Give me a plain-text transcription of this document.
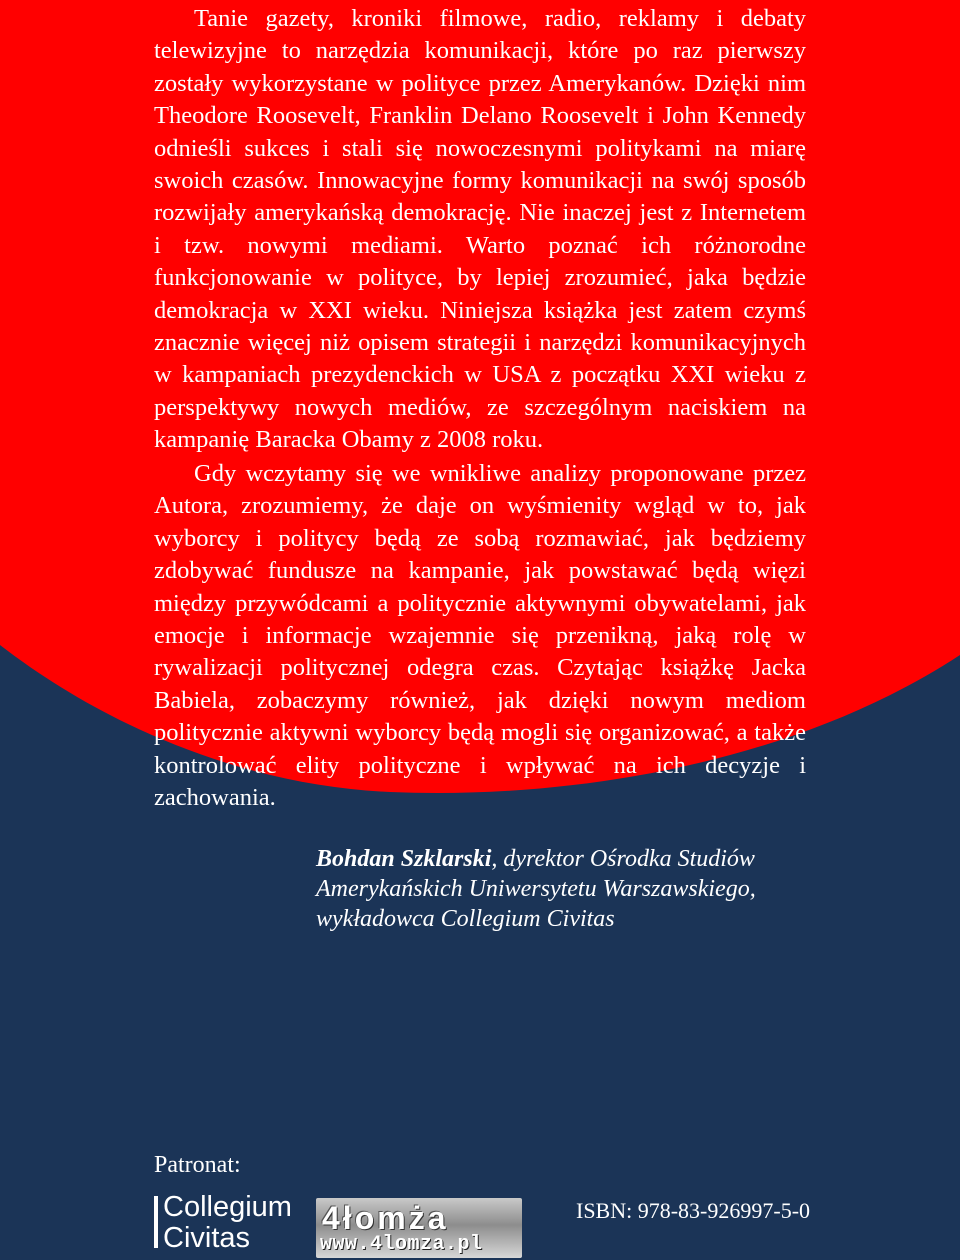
Tanie gazety, kroniki filmowe, radio, reklamy i debaty telewizyjne to narzędzia komunikacji, które po raz pierwszy zostały wykorzystane w polityce przez Amerykanów. Dzięki nim Theodore Roosevelt, Franklin Delano Roosevelt i John Kennedy odnieśli sukces i stali się nowoczesnymi politykami na miarę swoich czasów. Innowacyjne formy komunikacji na swój sposób rozwijały amerykańską demokrację. Nie inaczej jest z Internetem i tzw. nowymi mediami. Warto poznać ich różnorodne funkcjonowanie w polityce, by lepiej zrozumieć, jaka będzie demokracja w XXI wieku. Niniejsza książka jest zatem czymś znacznie więcej niż opisem strategii i narzędzi komunikacyjnych w kampaniach prezydenckich w USA z początku XXI wieku z perspektywy nowych mediów, ze szczególnym naciskiem na kampanię Baracka Obamy z 2008 roku.

Gdy wczytamy się we wnikliwe analizy proponowane przez Autora, zrozumiemy, że daje on wyśmienity wgląd w to, jak wyborcy i politycy będą ze sobą rozmawiać, jak będziemy zdobywać fundusze na kampanie, jak powstawać będą więzi między przywódcami a politycznie aktywnymi obywatelami, jak emocje i informacje wzajemnie się przenikną, jaką rolę w rywalizacji politycznej odegra czas. Czytając książkę Jacka Babiela, zobaczymy również, jak dzięki nowym mediom politycznie aktywni wyborcy będą mogli się organizować, a także kontrolować elity polityczne i wpływać na ich decyzje i zachowania.

Bohdan Szklarski, dyrektor Ośrodka Studiów
Amerykańskich Uniwersytetu Warszawskiego,
wykładowca Collegium Civitas
Patronat:
Collegium
Civitas
4łomża
www.4lomza.pl
ISBN: 978-83-926997-5-0
